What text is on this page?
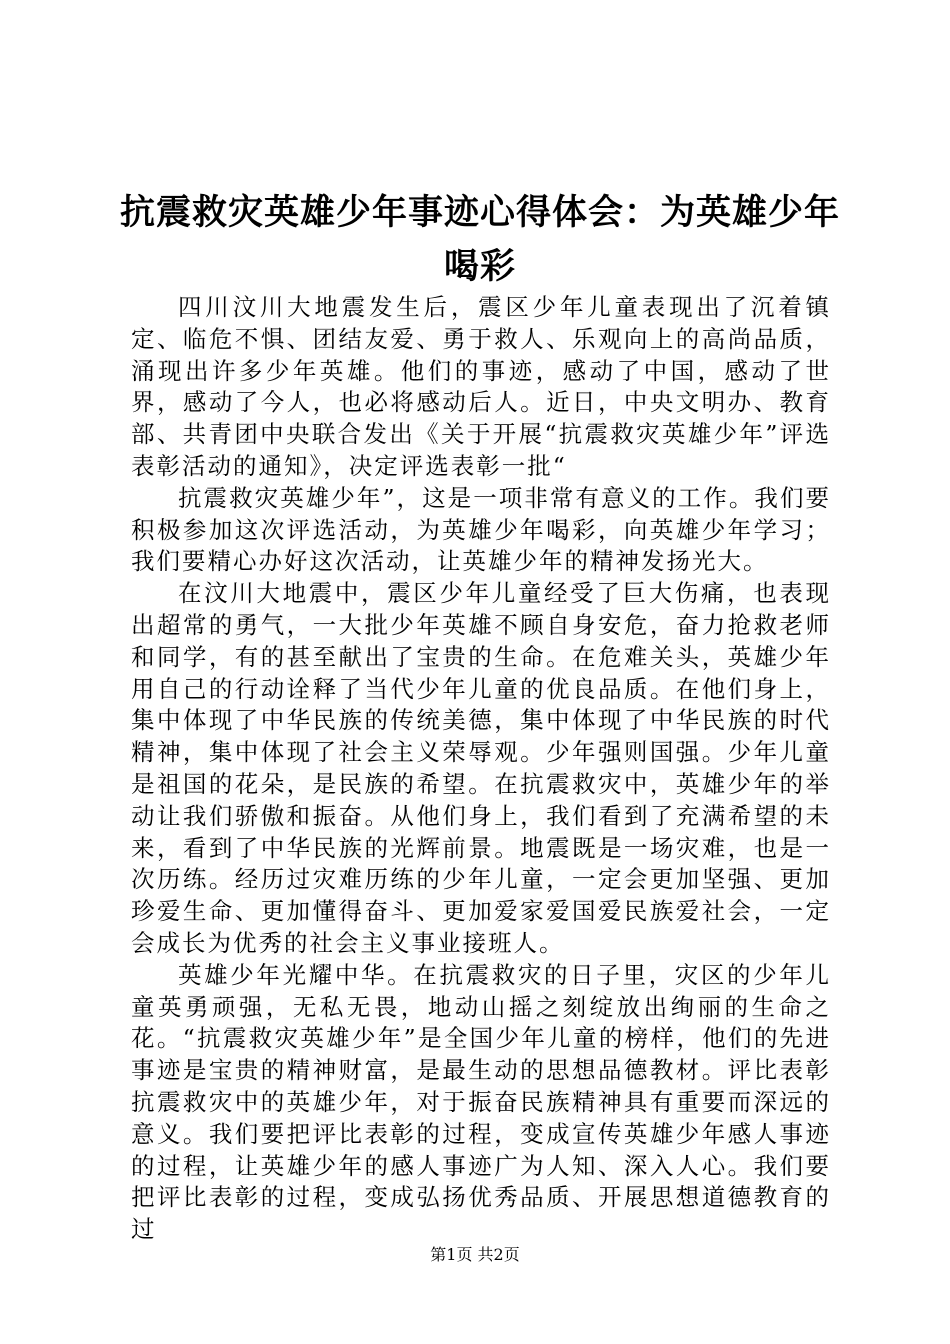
抗震救灾英雄少年事迹心得体会：为英雄少年喝彩

四川汶川大地震发生后，震区少年儿童表现出了沉着镇定、临危不惧、团结友爱、勇于救人、乐观向上的高尚品质，涌现出许多少年英雄。他们的事迹，感动了中国，感动了世界，感动了今人，也必将感动后人。近日，中央文明办、教育部、共青团中央联合发出《关于开展“抗震救灾英雄少年”评选表彰活动的通知》，决定评选表彰一批“

抗震救灾英雄少年”，这是一项非常有意义的工作。我们要积极参加这次评选活动，为英雄少年喝彩，向英雄少年学习；我们要精心办好这次活动，让英雄少年的精神发扬光大。

在汶川大地震中，震区少年儿童经受了巨大伤痛，也表现出超常的勇气，一大批少年英雄不顾自身安危，奋力抢救老师和同学，有的甚至献出了宝贵的生命。在危难关头，英雄少年用自己的行动诠释了当代少年儿童的优良品质。在他们身上，集中体现了中华民族的传统美德，集中体现了中华民族的时代精神，集中体现了社会主义荣辱观。少年强则国强。少年儿童是祖国的花朵，是民族的希望。在抗震救灾中，英雄少年的举动让我们骄傲和振奋。从他们身上，我们看到了充满希望的未来，看到了中华民族的光辉前景。地震既是一场灾难，也是一次历练。经历过灾难历练的少年儿童，一定会更加坚强、更加珍爱生命、更加懂得奋斗、更加爱家爱国爱民族爱社会，一定会成长为优秀的社会主义事业接班人。

英雄少年光耀中华。在抗震救灾的日子里，灾区的少年儿童英勇顽强，无私无畏，地动山摇之刻绽放出绚丽的生命之花。“抗震救灾英雄少年”是全国少年儿童的榜样，他们的先进事迹是宝贵的精神财富，是最生动的思想品德教材。评比表彰抗震救灾中的英雄少年，对于振奋民族精神具有重要而深远的意义。我们要把评比表彰的过程，变成宣传英雄少年感人事迹的过程，让英雄少年的感人事迹广为人知、深入人心。我们要把评比表彰的过程，变成弘扬优秀品质、开展思想道德教育的过

第1页 共2页
